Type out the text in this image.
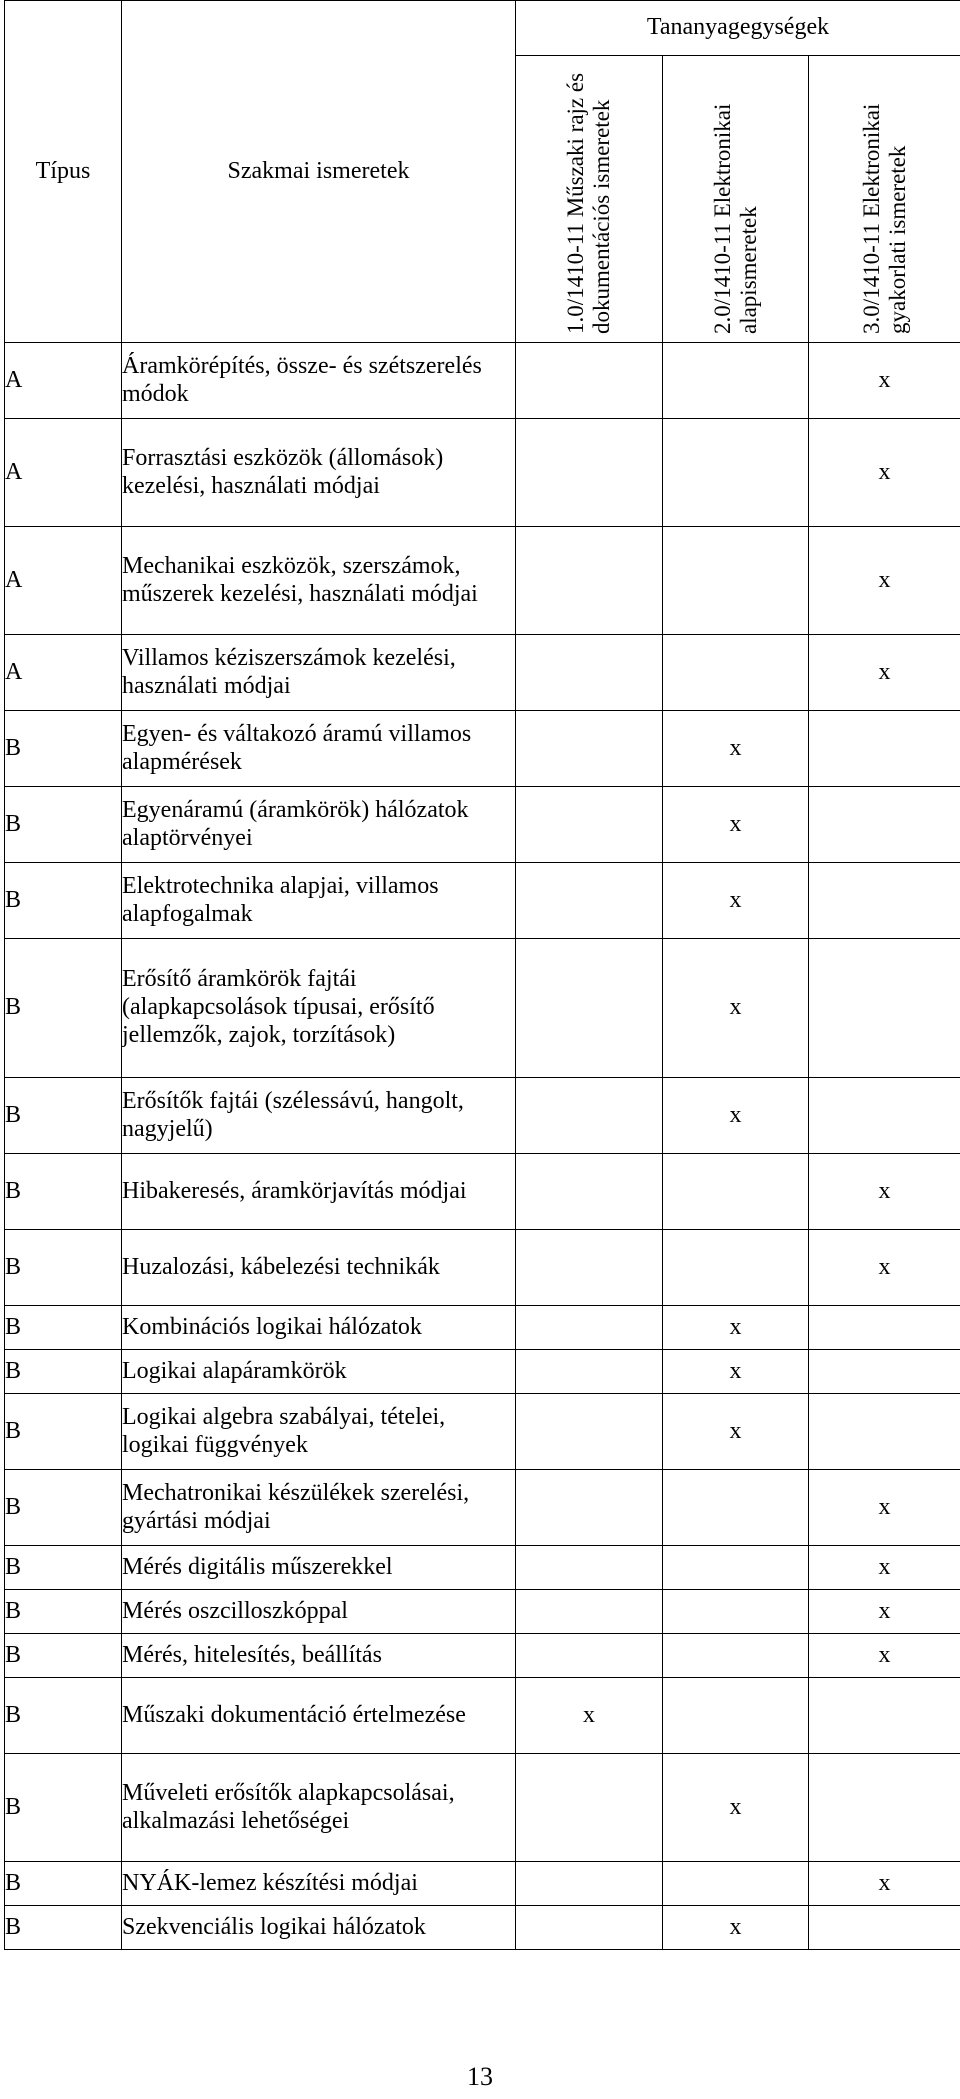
Típus	Szakmai ismeretek	Tananyagegységek		

		1.0/1410-11 Műszaki rajz és dokumentációs ismeretek	2.0/1410-11 Elektronikai alapismeretek	3.0/1410-11 Elektronikai gyakorlati ismeretek

A	Áramkörépítés, össze- és szétszerelés módok			x
A	Forrasztási eszközök (állomások) kezelési, használati módjai			x
A	Mechanikai eszközök, szerszámok, műszerek kezelési, használati módjai			x
A	Villamos kéziszerszámok kezelési, használati módjai			x
B	Egyen- és váltakozó áramú villamos alapmérések		x	
B	Egyenáramú (áramkörök) hálózatok alaptörvényei		x	
B	Elektrotechnika alapjai, villamos alapfogalmak		x	
B	Erősítő áramkörök fajtái (alapkapcsolások típusai, erősítő jellemzők, zajok, torzítások)		x	
B	Erősítők fajtái (szélessávú, hangolt, nagyjelű)		x	
B	Hibakeresés, áramkörjavítás módjai			x
B	Huzalozási, kábelezési technikák			x
B	Kombinációs logikai hálózatok		x	
B	Logikai alapáramkörök		x	
B	Logikai algebra szabályai, tételei, logikai függvények		x	
B	Mechatronikai készülékek szerelési, gyártási módjai			x
B	Mérés digitális műszerekkel			x
B	Mérés oszcilloszkóppal			x
B	Mérés, hitelesítés, beállítás			x
B	Műszaki dokumentáció értelmezése	x		
B	Műveleti erősítők alapkapcsolásai, alkalmazási lehetőségei		x	
B	NYÁK-lemez készítési módjai			x
B	Szekvenciális logikai hálózatok		x	
13
